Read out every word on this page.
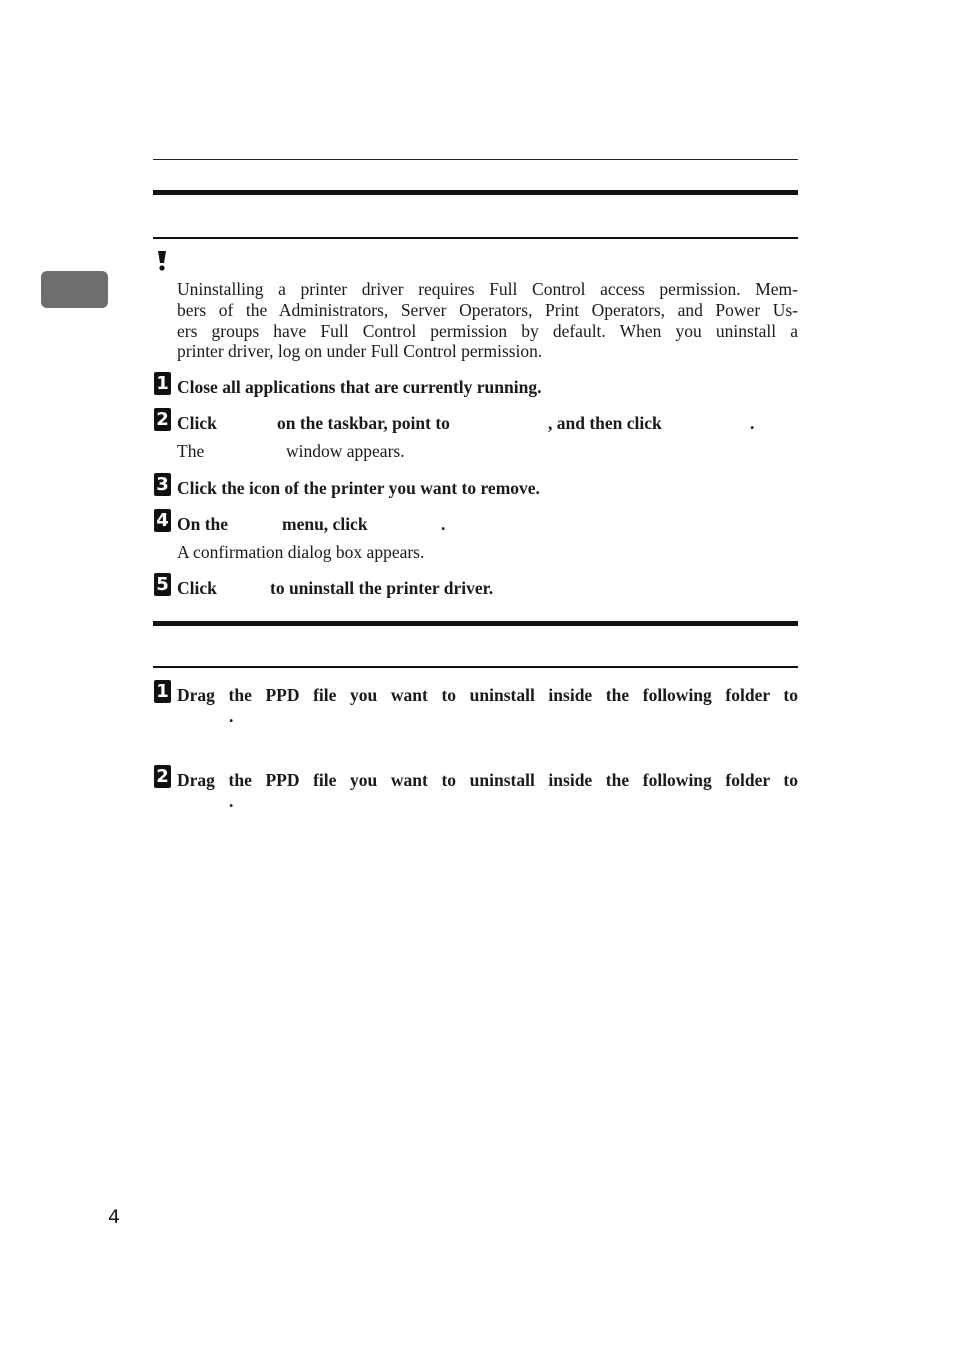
Uninstalling a printer driver requires Full Control access permission. Mem-
bers of the Administrators, Server Operators, Print Operators, and Power Us-
ers groups have Full Control permission by default. When you uninstall a
printer driver, log on under Full Control permission.
1 Close all applications that are currently running.
2 Click	on the taskbar, point to	, and then click	.
The	window appears.
3 Click the icon of the printer you want to remove.
4 On the	menu, click	.
A confirmation dialog box appears.
5 Click	to uninstall the printer driver.
1 Drag the PPD file you want to uninstall inside the following folder to
.
2 Drag the PPD file you want to uninstall inside the following folder to
.
4
